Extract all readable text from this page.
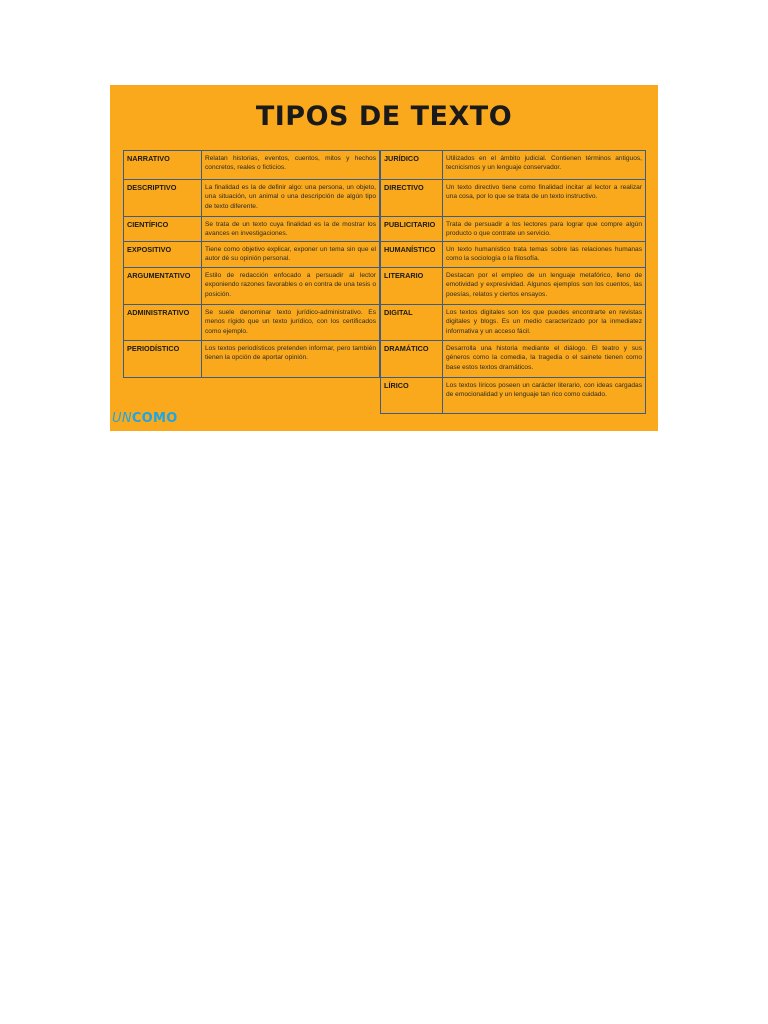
TIPOS DE TEXTO
NARRATIVO	Relatan historias, eventos, cuentos, mitos y hechos concretos, reales o ficticios.
DESCRIPTIVO	La finalidad es la de definir algo: una persona, un objeto, una situación, un animal o una descripción de algún tipo de texto diferente.
CIENTÍFICO	Se trata de un texto cuya finalidad es la de mostrar los avances en investigaciones.
EXPOSITIVO	Tiene como objetivo explicar, exponer un tema sin que el autor dé su opinión personal.
ARGUMENTATIVO	Estilo de redacción enfocado a persuadir al lector exponiendo razones favorables o en contra de una tesis o posición.
ADMINISTRATIVO	Se suele denominar texto jurídico-administrativo. Es menos rígido que un texto jurídico, con los certificados como ejemplo.
PERIODÍSTICO	Los textos periodísticos pretenden informar, pero también tienen la opción de aportar opinión.
JURÍDICO	Utilizados en el ámbito judicial. Contienen términos antiguos, tecnicismos y un lenguaje conservador.
DIRECTIVO	Un texto directivo tiene como finalidad incitar al lector a realizar una cosa, por lo que se trata de un texto instructivo.
PUBLICITARIO	Trata de persuadir a los lectores para lograr que compre algún producto o que contrate un servicio.
HUMANÍSTICO	Un texto humanístico trata temas sobre las relaciones humanas como la sociología o la filosofía.
LITERARIO	Destacan por el empleo de un lenguaje metafórico, lleno de emotividad y expresividad. Algunos ejemplos son los cuentos, las poesías, relatos y ciertos ensayos.
DIGITAL	Los textos digitales son los que puedes encontrarte en revistas digitales y blogs. Es un medio caracterizado por la inmediatez informativa y un acceso fácil.
DRAMÁTICO	Desarrolla una historia mediante el diálogo. El teatro y sus géneros como la comedia, la tragedia o el sainete tienen como base estos textos dramáticos.
LÍRICO	Los textos líricos poseen un carácter literario, con ideas cargadas de emocionalidad y un lenguaje tan rico como cuidado.
UNCOMO
